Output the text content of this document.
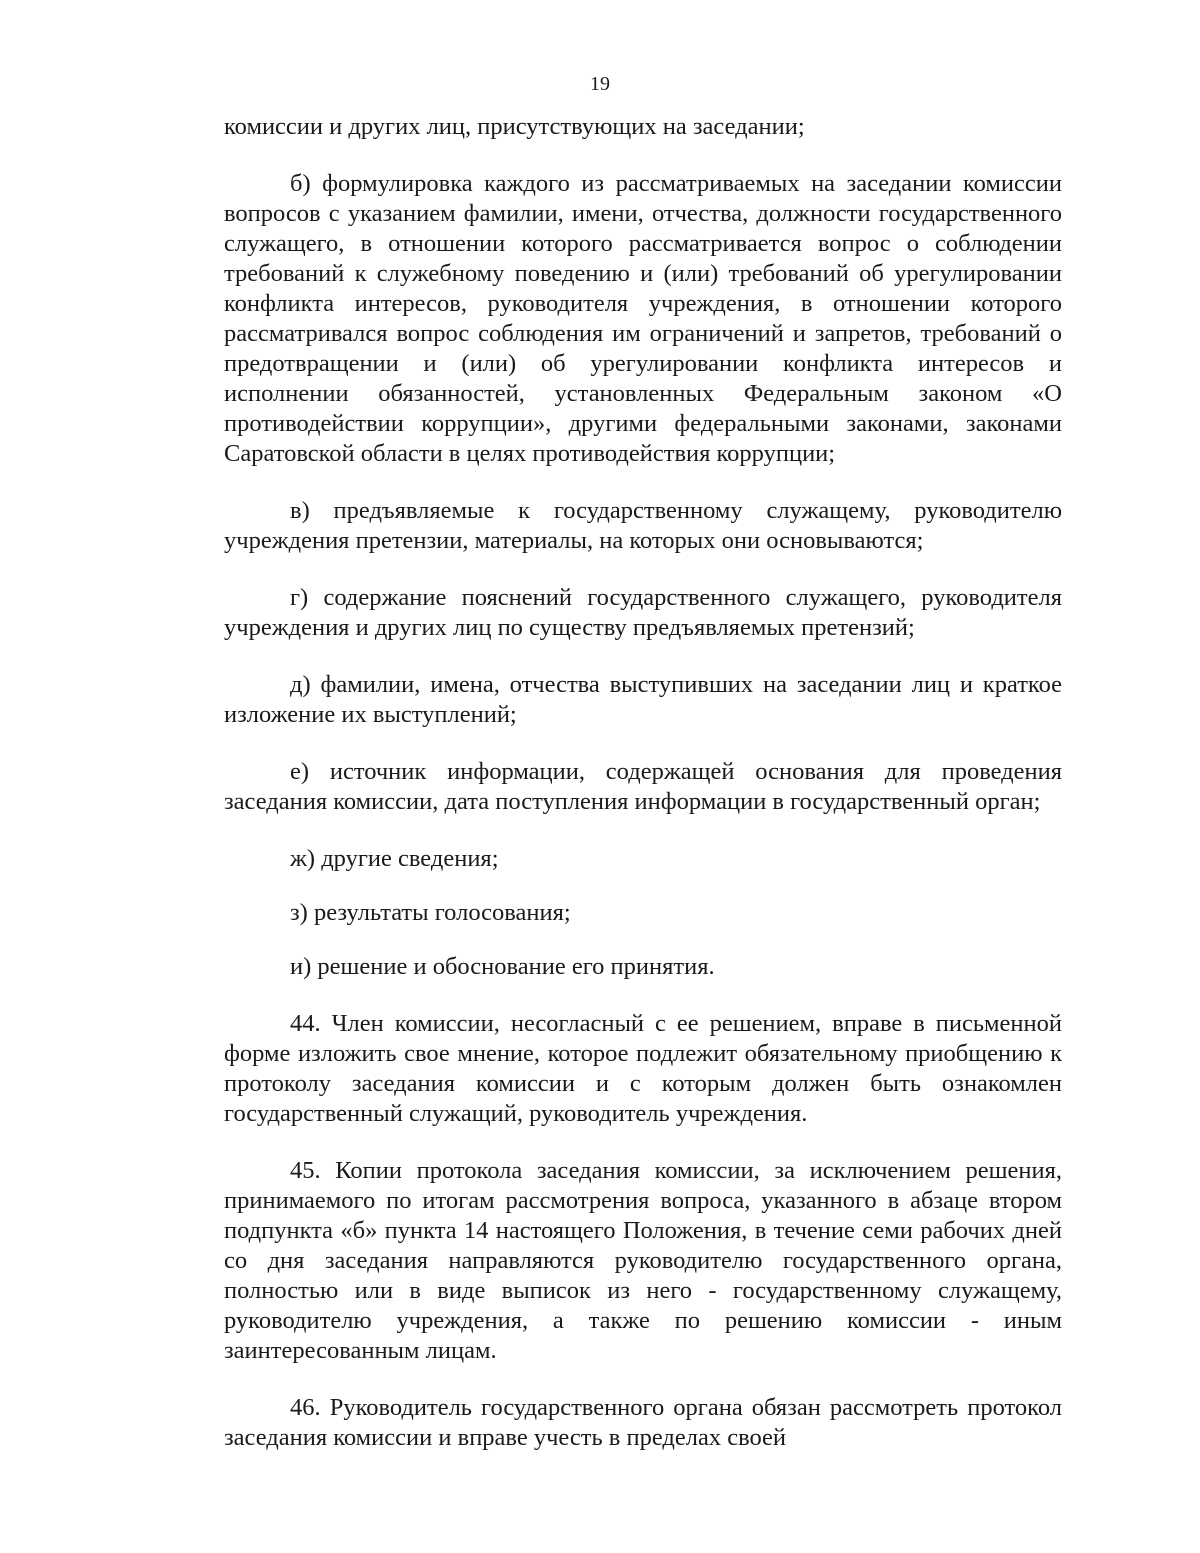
19

комиссии и других лиц, присутствующих на заседании;

б) формулировка каждого из рассматриваемых на заседании комиссии вопросов с указанием фамилии, имени, отчества, должности государственного служащего, в отношении которого рассматривается вопрос о соблюдении требований к служебному поведению и (или) требований об урегулировании конфликта интересов, руководителя учреждения, в отношении которого рассматривался вопрос соблюдения им ограничений и запретов, требований о предотвращении и (или) об урегулировании конфликта интересов и исполнении обязанностей, установленных Федеральным законом «О противодействии коррупции», другими федеральными законами, законами Саратовской области в целях противодействия коррупции;

в) предъявляемые к государственному служащему, руководителю учреждения претензии, материалы, на которых они основываются;

г) содержание пояснений государственного служащего, руководителя учреждения и других лиц по существу предъявляемых претензий;

д) фамилии, имена, отчества выступивших на заседании лиц и краткое изложение их выступлений;

е) источник информации, содержащей основания для проведения заседания комиссии, дата поступления информации в государственный орган;

ж) другие сведения;

з) результаты голосования;

и) решение и обоснование его принятия.

44. Член комиссии, несогласный с ее решением, вправе в письменной форме изложить свое мнение, которое подлежит обязательному приобщению к протоколу заседания комиссии и с которым должен быть ознакомлен государственный служащий, руководитель учреждения.

45. Копии протокола заседания комиссии, за исключением решения, принимаемого по итогам рассмотрения вопроса, указанного в абзаце втором подпункта «б» пункта 14 настоящего Положения, в течение семи рабочих дней со дня заседания направляются руководителю государственного органа, полностью или в виде выписок из него - государственному служащему, руководителю учреждения, а также по решению комиссии - иным заинтересованным лицам.

46. Руководитель государственного органа обязан рассмотреть протокол заседания комиссии и вправе учесть в пределах своей
